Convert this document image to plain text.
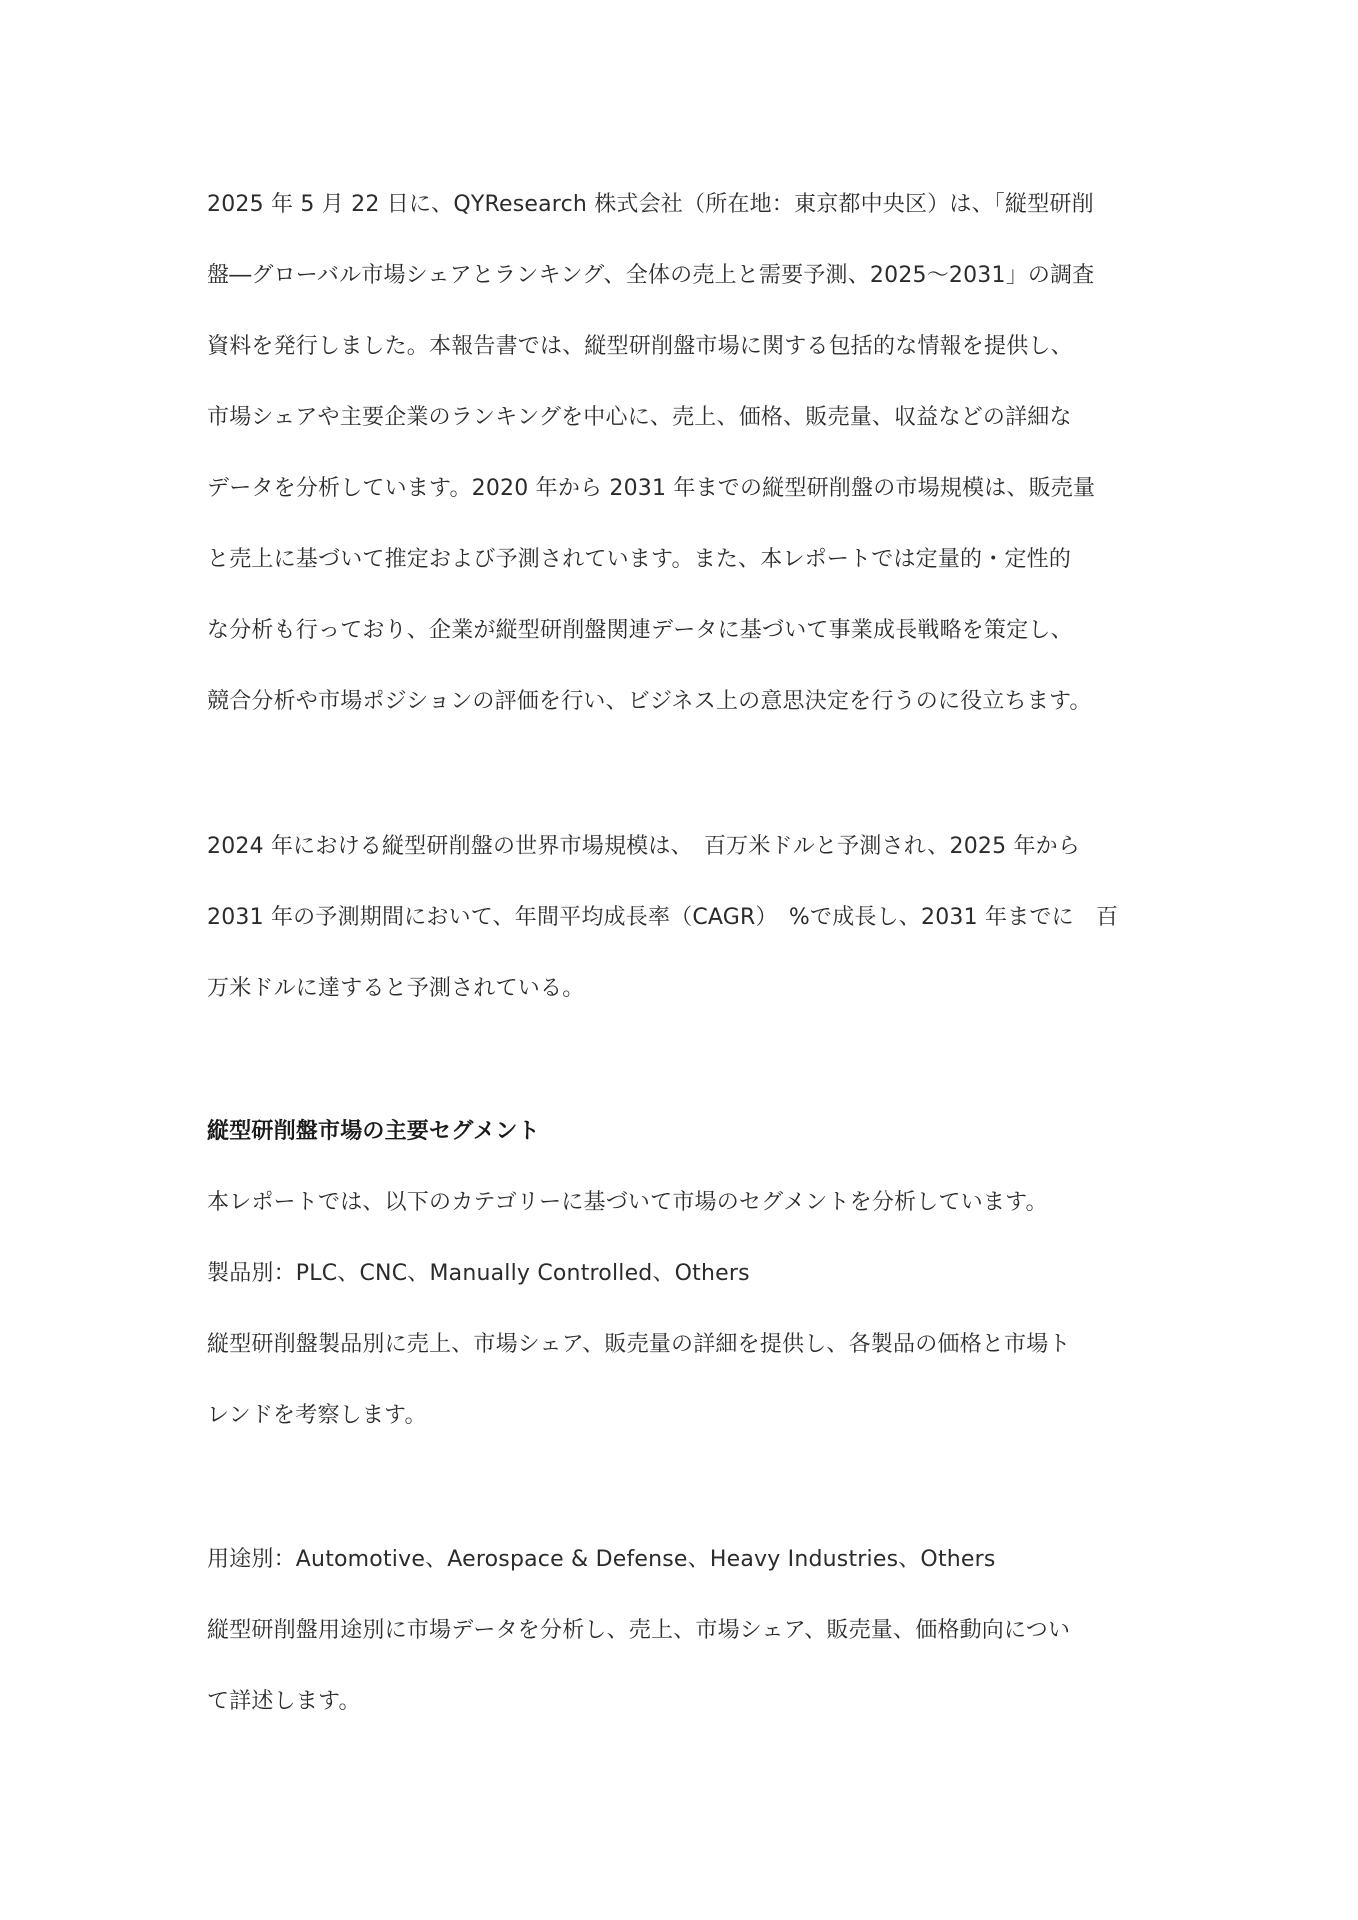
2025 年 5 月 22 日に、QYResearch 株式会社（所在地：東京都中央区）は、「縦型研削

盤―グローバル市場シェアとランキング、全体の売上と需要予測、2025～2031」の調査

資料を発行しました。本報告書では、縦型研削盤市場に関する包括的な情報を提供し、

市場シェアや主要企業のランキングを中心に、売上、価格、販売量、収益などの詳細な

データを分析しています。2020 年から 2031 年までの縦型研削盤の市場規模は、販売量

と売上に基づいて推定および予測されています。また、本レポートでは定量的・定性的

な分析も行っており、企業が縦型研削盤関連データに基づいて事業成長戦略を策定し、

競合分析や市場ポジションの評価を行い、ビジネス上の意思決定を行うのに役立ちます。

2024 年における縦型研削盤の世界市場規模は、　百万米ドルと予測され、2025 年から

2031 年の予測期間において、年間平均成長率（CAGR）　%で成長し、2031 年までに　百

万米ドルに達すると予測されている。

縦型研削盤市場の主要セグメント

本レポートでは、以下のカテゴリーに基づいて市場のセグメントを分析しています。

製品別：PLC、CNC、Manually Controlled、Others

縦型研削盤製品別に売上、市場シェア、販売量の詳細を提供し、各製品の価格と市場ト

レンドを考察します。

用途別：Automotive、Aerospace & Defense、Heavy Industries、Others

縦型研削盤用途別に市場データを分析し、売上、市場シェア、販売量、価格動向につい

て詳述します。
